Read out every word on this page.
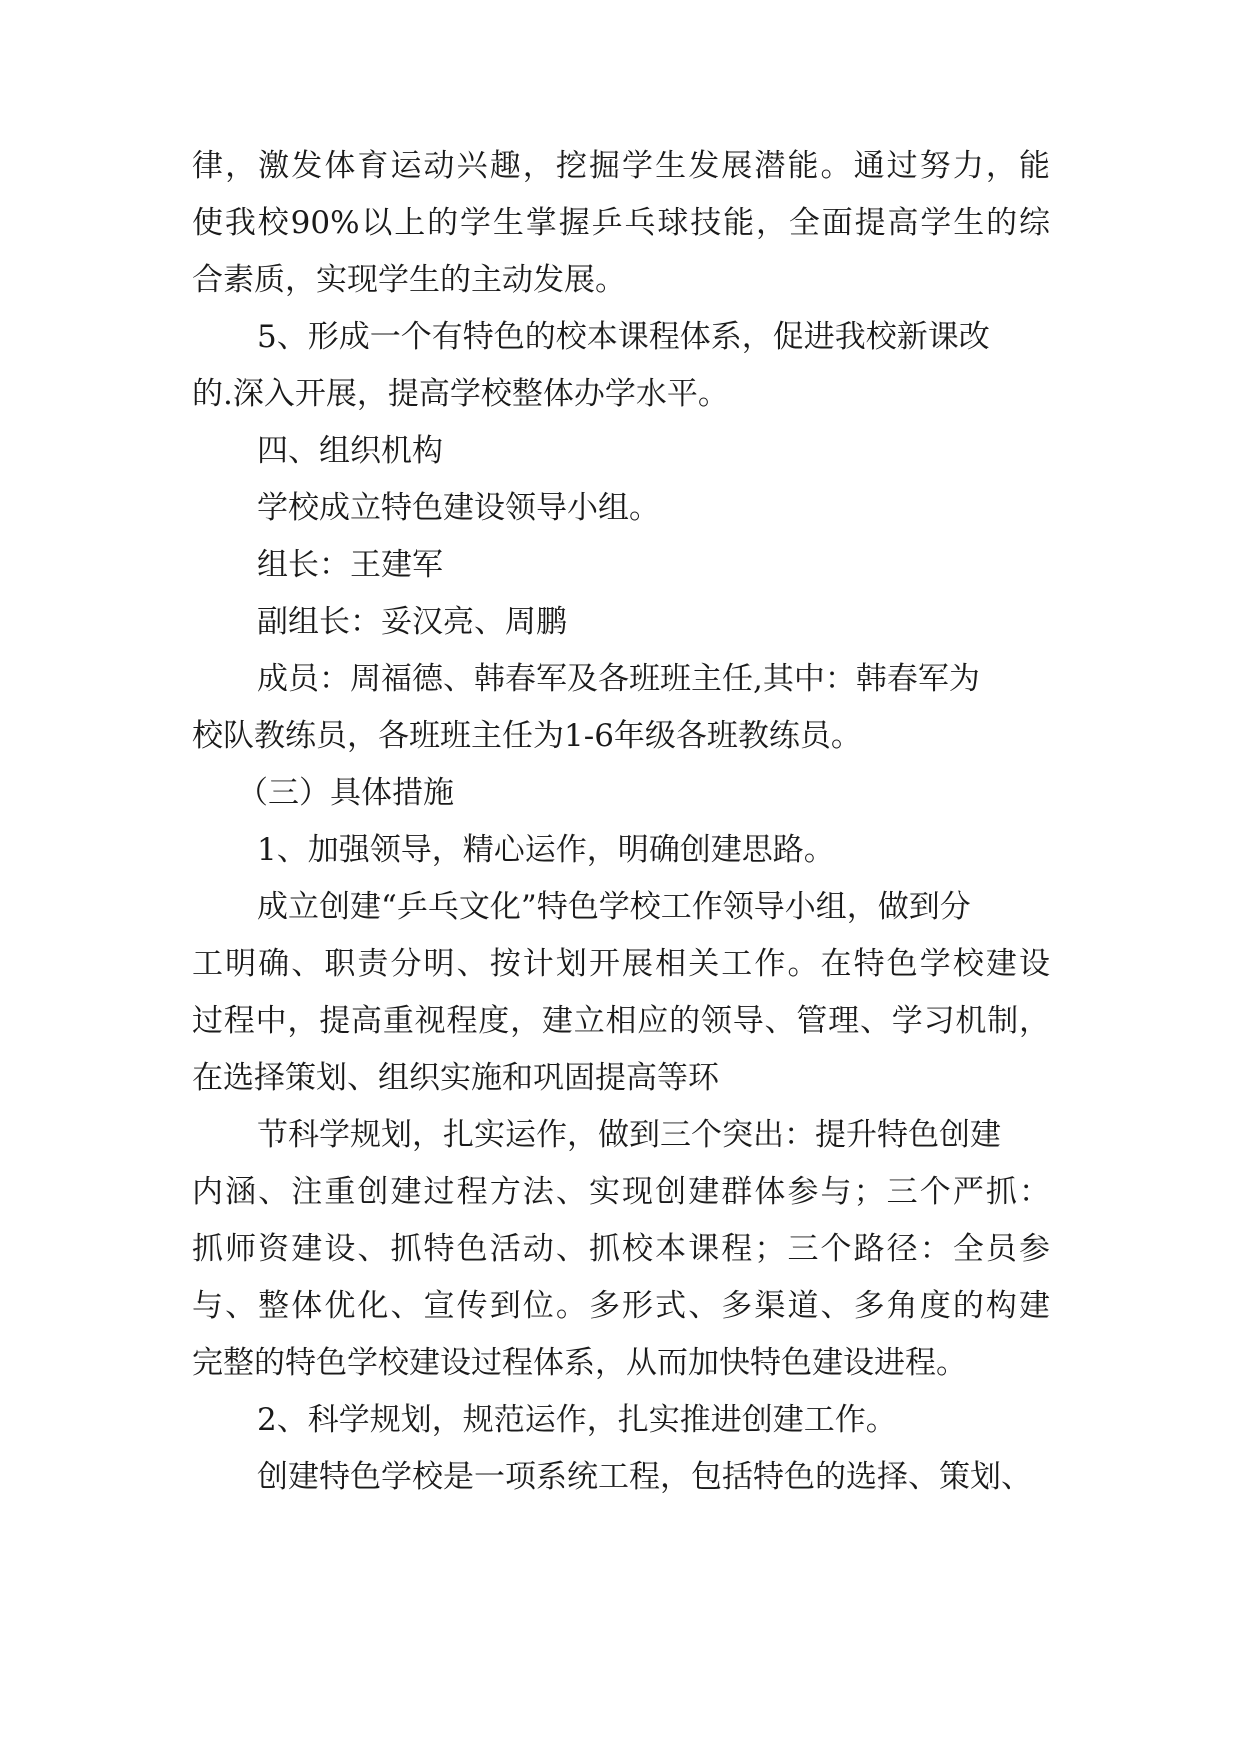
律，激发体育运动兴趣，挖掘学生发展潜能。通过努力，能
使我校90%以上的学生掌握乒乓球技能，全面提高学生的综
合素质，实现学生的主动发展。
5、形成一个有特色的校本课程体系，促进我校新课改
的.深入开展，提高学校整体办学水平。
四、组织机构
学校成立特色建设领导小组。
组长：王建军
副组长：妥汉亮、周鹏
成员：周福德、韩春军及各班班主任,其中：韩春军为
校队教练员，各班班主任为1-6年级各班教练员。
（三）具体措施
1、加强领导，精心运作，明确创建思路。
成立创建“乒乓文化”特色学校工作领导小组，做到分
工明确、职责分明、按计划开展相关工作。在特色学校建设
过程中，提高重视程度，建立相应的领导、管理、学习机制，
在选择策划、组织实施和巩固提高等环
节科学规划，扎实运作，做到三个突出：提升特色创建
内涵、注重创建过程方法、实现创建群体参与；三个严抓：
抓师资建设、抓特色活动、抓校本课程；三个路径：全员参
与、整体优化、宣传到位。多形式、多渠道、多角度的构建
完整的特色学校建设过程体系，从而加快特色建设进程。
2、科学规划，规范运作，扎实推进创建工作。
创建特色学校是一项系统工程，包括特色的选择、策划、
